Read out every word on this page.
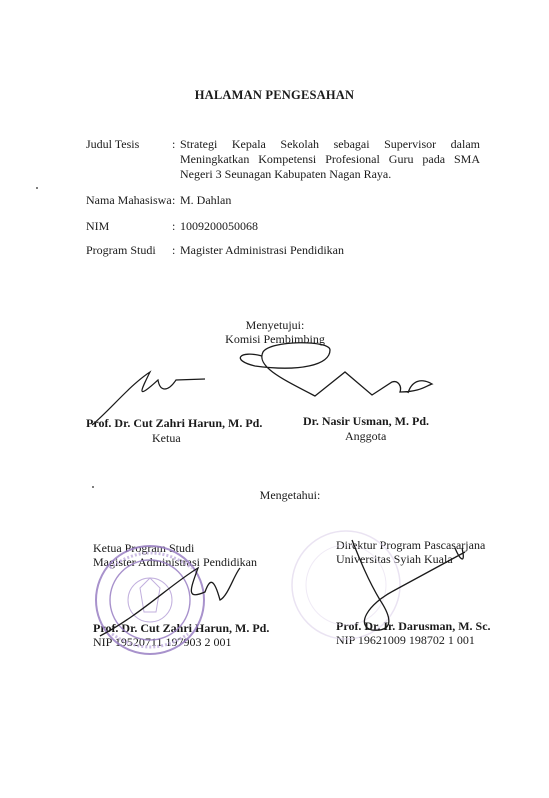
HALAMAN PENGESAHAN
Judul Tesis	: Strategi Kepala Sekolah sebagai Supervisor dalam Meningkatkan Kompetensi Profesional Guru pada SMA Negeri 3 Seunagan Kabupaten Nagan Raya.
Nama Mahasiswa: M. Dahlan
NIM	: 1009200050068
Program Studi : Magister Administrasi Pendidikan
Menyetujui:
Komisi Pembimbing
Prof. Dr. Cut Zahri Harun, M. Pd.
Ketua
Dr. Nasir Usman, M. Pd.
Anggota
Mengetahui:
Ketua Program Studi
Magister Administrasi Pendidikan
Direktur Program Pascasarjana
Universitas Syiah Kuala
Prof. Dr. Cut Zahri Harun, M. Pd.
NIP 19520711 197903 2 001
Prof. Dr. Ir. Darusman, M. Sc.
NIP 19621009 198702 1 001
